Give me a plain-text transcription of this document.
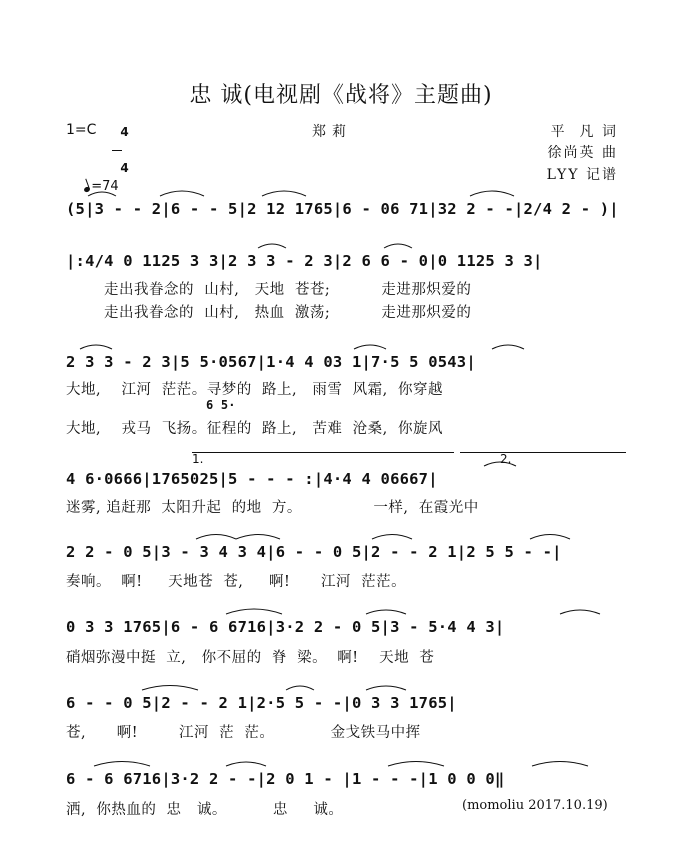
忠 诚(电视剧《战将》主题曲)
1=C	4

4

郑莉	平  凡 词
徐尚英 曲
LYY 记谱

=74

(5|3 - - 2|6 - - 5|2 12 1765|6 - 06 71|32 2 - -|2/4 2 - )|
|:4/4 0 1125 3 3|2 3 3 - 2 3|2 6 6 - 0|0 1125 3 3|
走出我眷念的  山村,   天地  苍苍;          走进那炽爱的
走出我眷念的  山村,   热血  激荡;          走进那炽爱的
2 3 3 - 2 3|5 5·0567|1·4 4 03 1|7·5 5 0543|
大地,    江河  茫茫。寻梦的  路上,   雨雪  风霜,  你穿越
6 5·
大地,    戎马  飞扬。征程的  路上,   苦难  沧桑,  你旋风
1.	2.
4 6·0666|1765025|5 - - - :|4·4 4 06667|
迷雾, 追赶那  太阳升起  的地  方。              一样,  在霞光中
2 2 - 0 5|3 - 3 4 3 4|6 - - 0 5|2 - - 2 1|2 5 5 - -|
奏响。  啊!     天地苍  苍,     啊!      江河  茫茫。
0 3 3 1765|6 - 6 6716|3·2 2 - 0 5|3 - 5·4 4 3|
硝烟弥漫中挺  立,   你不屈的  脊  梁。  啊!    天地  苍
6 - - 0 5|2 - - 2 1|2·5 5 - -|0 3 3 1765|
苍,      啊!        江河  茫  茫。           金戈铁马中挥
6 - 6 6716|3·2 2 - -|2 0 1 - |1 - - -|1 0 0 0‖
洒,  你热血的  忠   诚。         忠     诚。	(momoliu 2017.10.19)
